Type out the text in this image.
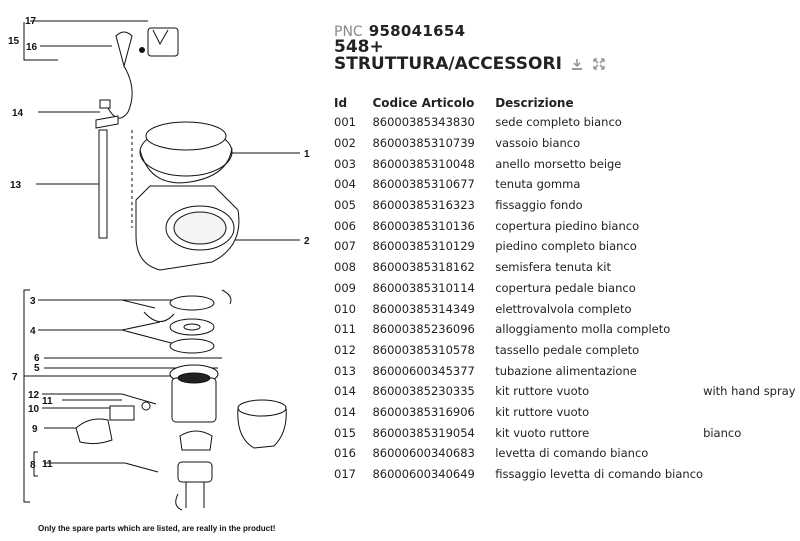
17
15
16
14
13
1
2
3
4
6
5
7
12
11
10
9
8 11
Only the spare parts which are listed, are really in the product!
PNC 958041654
548+
STRUTTURA/ACCESSORI
Id	Codice Articolo	Descrizione	
001	86000385343830	sede completo bianco	
002	86000385310739	vassoio bianco	
003	86000385310048	anello morsetto beige	
004	86000385310677	tenuta gomma	
005	86000385316323	fissaggio fondo	
006	86000385310136	copertura piedino bianco	
007	86000385310129	piedino completo bianco	
008	86000385318162	semisfera tenuta kit	
009	86000385310114	copertura pedale bianco	
010	86000385314349	elettrovalvola completo	
011	86000385236096	alloggiamento molla completo	
012	86000385310578	tassello pedale completo	
013	86000600345377	tubazione alimentazione	
014	86000385230335	kit ruttore vuoto	with hand spray
014	86000385316906	kit ruttore vuoto	
015	86000385319054	kit vuoto ruttore	bianco
016	86000600340683	levetta di comando bianco	
017	86000600340649	fissaggio levetta di comando bianco	
